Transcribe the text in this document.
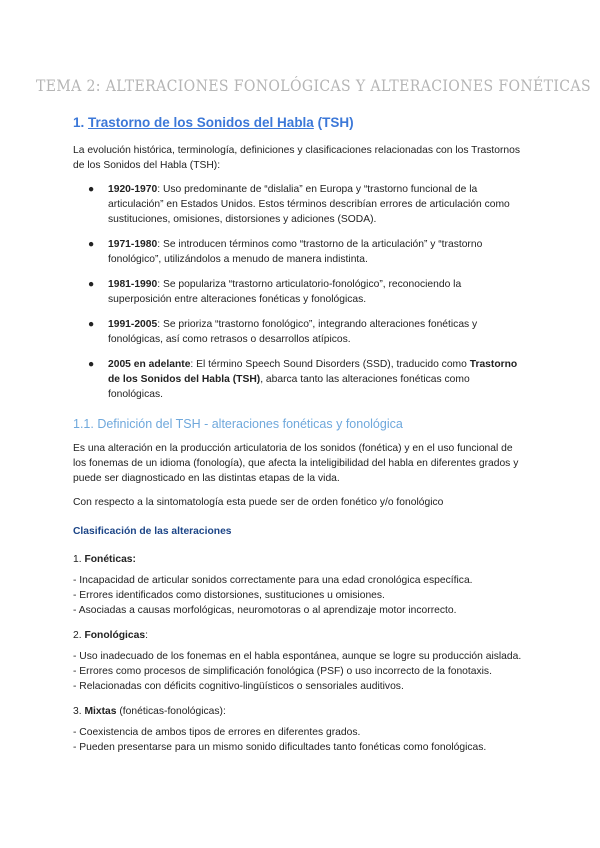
TEMA 2: ALTERACIONES FONOLÓGICAS Y ALTERACIONES FONÉTICAS
1. Trastorno de los Sonidos del Habla (TSH)

La evolución histórica, terminología, definiciones y clasificaciones relacionadas con los Trastornos de los Sonidos del Habla (TSH):

● 1920-1970: Uso predominante de “dislalia” en Europa y “trastorno funcional de la articulación” en Estados Unidos. Estos términos describían errores de articulación como sustituciones, omisiones, distorsiones y adiciones (SODA).
● 1971-1980: Se introducen términos como “trastorno de la articulación” y “trastorno fonológico”, utilizándolos a menudo de manera indistinta.
● 1981-1990: Se populariza “trastorno articulatorio-fonológico”, reconociendo la superposición entre alteraciones fonéticas y fonológicas.
● 1991-2005: Se prioriza “trastorno fonológico”, integrando alteraciones fonéticas y fonológicas, así como retrasos o desarrollos atípicos.
● 2005 en adelante: El término Speech Sound Disorders (SSD), traducido como Trastorno de los Sonidos del Habla (TSH), abarca tanto las alteraciones fonéticas como fonológicas.
1.1. Definición del TSH - alteraciones fonéticas y fonológica

Es una alteración en la producción articulatoria de los sonidos (fonética) y en el uso funcional de los fonemas de un idioma (fonología), que afecta la inteligibilidad del habla en diferentes grados y puede ser diagnosticado en las distintas etapas de la vida.

Con respecto a la sintomatología esta puede ser de orden fonético y/o fonológico

Clasificación de las alteraciones
1. Fonéticas:

- Incapacidad de articular sonidos correctamente para una edad cronológica específica.

- Errores identificados como distorsiones, sustituciones u omisiones.

- Asociadas a causas morfológicas, neuromotoras o al aprendizaje motor incorrecto.

2. Fonológicas:

- Uso inadecuado de los fonemas en el habla espontánea, aunque se logre su producción aislada.

- Errores como procesos de simplificación fonológica (PSF) o uso incorrecto de la fonotaxis.

- Relacionadas con déficits cognitivo-lingüísticos o sensoriales auditivos.

3. Mixtas (fonéticas-fonológicas):

- Coexistencia de ambos tipos de errores en diferentes grados.

- Pueden presentarse para un mismo sonido dificultades tanto fonéticas como fonológicas.
